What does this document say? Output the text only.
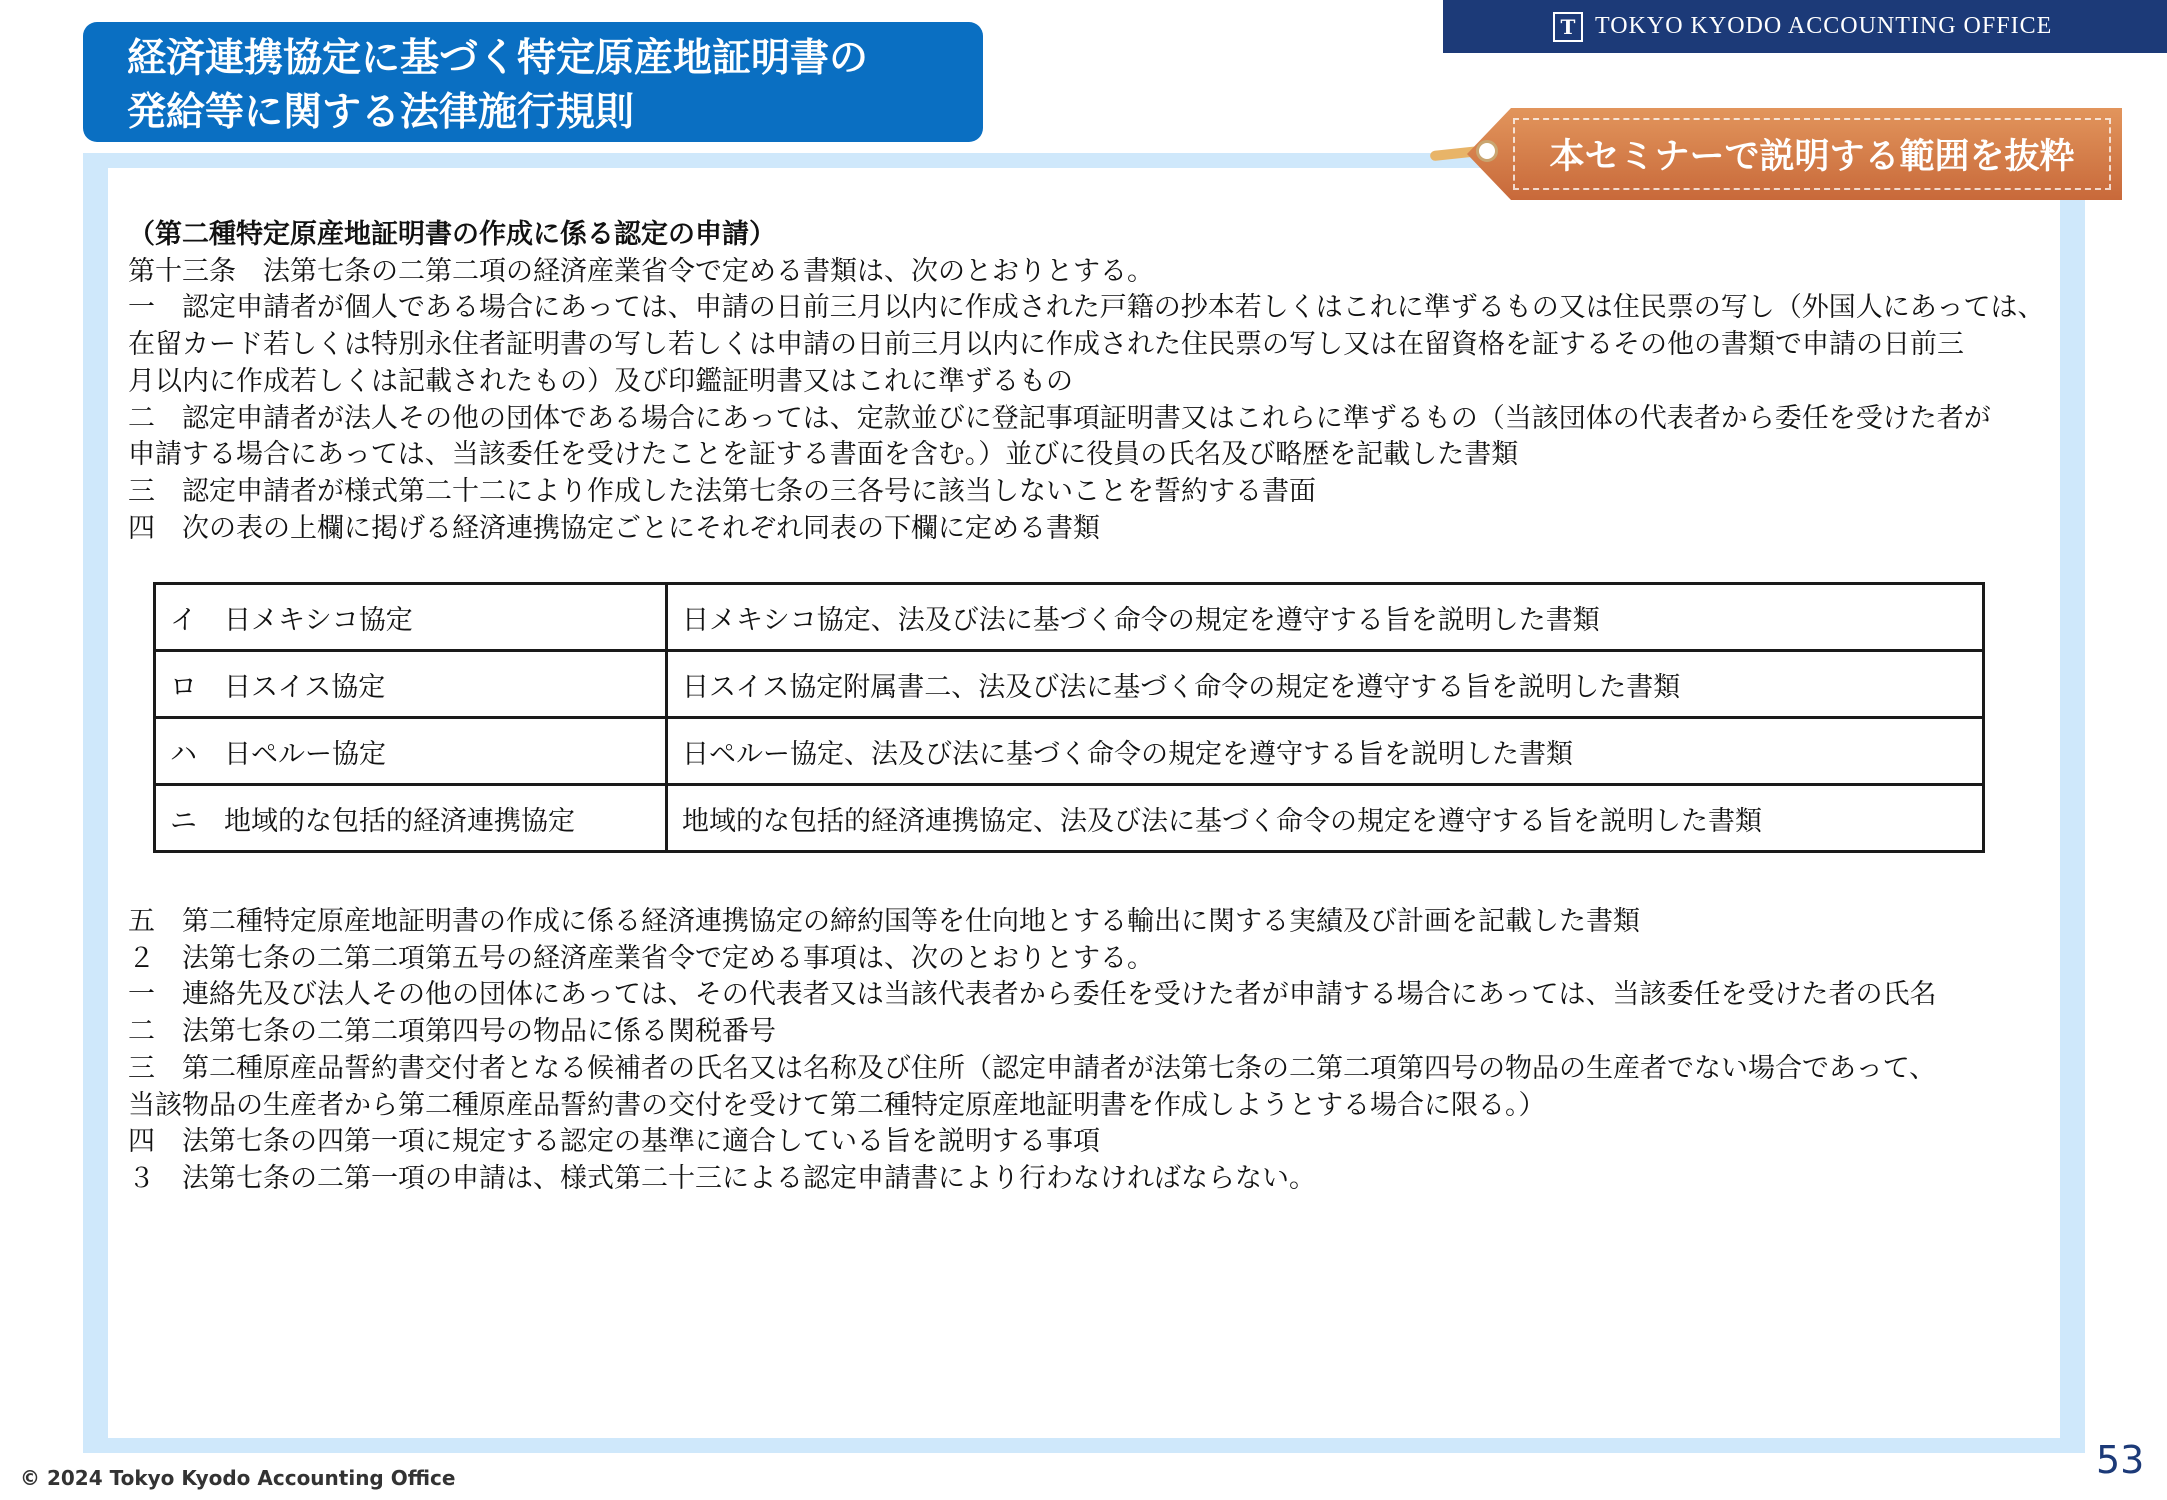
経済連携協定に基づく特定原産地証明書の
発給等に関する法律施行規則
T TOKYO KYODO ACCOUNTING OFFICE
本セミナーで説明する範囲を抜粋
（第二種特定原産地証明書の作成に係る認定の申請）
第十三条　法第七条の二第二項の経済産業省令で定める書類は、次のとおりとする。
一　認定申請者が個人である場合にあっては、申請の日前三月以内に作成された戸籍の抄本若しくはこれに準ずるもの又は住民票の写し（外国人にあっては、
在留カード若しくは特別永住者証明書の写し若しくは申請の日前三月以内に作成された住民票の写し又は在留資格を証するその他の書類で申請の日前三
月以内に作成若しくは記載されたもの）及び印鑑証明書又はこれに準ずるもの
二　認定申請者が法人その他の団体である場合にあっては、定款並びに登記事項証明書又はこれらに準ずるもの（当該団体の代表者から委任を受けた者が
申請する場合にあっては、当該委任を受けたことを証する書面を含む。）並びに役員の氏名及び略歴を記載した書類
三　認定申請者が様式第二十二により作成した法第七条の三各号に該当しないことを誓約する書面
四　次の表の上欄に掲げる経済連携協定ごとにそれぞれ同表の下欄に定める書類
イ　日メキシコ協定	日メキシコ協定、法及び法に基づく命令の規定を遵守する旨を説明した書類
ロ　日スイス協定	日スイス協定附属書二、法及び法に基づく命令の規定を遵守する旨を説明した書類
ハ　日ペルー協定	日ペルー協定、法及び法に基づく命令の規定を遵守する旨を説明した書類
ニ　地域的な包括的経済連携協定	地域的な包括的経済連携協定、法及び法に基づく命令の規定を遵守する旨を説明した書類
五　第二種特定原産地証明書の作成に係る経済連携協定の締約国等を仕向地とする輸出に関する実績及び計画を記載した書類
２　法第七条の二第二項第五号の経済産業省令で定める事項は、次のとおりとする。
一　連絡先及び法人その他の団体にあっては、その代表者又は当該代表者から委任を受けた者が申請する場合にあっては、当該委任を受けた者の氏名
二　法第七条の二第二項第四号の物品に係る関税番号
三　第二種原産品誓約書交付者となる候補者の氏名又は名称及び住所（認定申請者が法第七条の二第二項第四号の物品の生産者でない場合であって、
当該物品の生産者から第二種原産品誓約書の交付を受けて第二種特定原産地証明書を作成しようとする場合に限る。）
四　法第七条の四第一項に規定する認定の基準に適合している旨を説明する事項
３　法第七条の二第一項の申請は、様式第二十三による認定申請書により行わなければならない。
© 2024 Tokyo Kyodo Accounting Office	53
